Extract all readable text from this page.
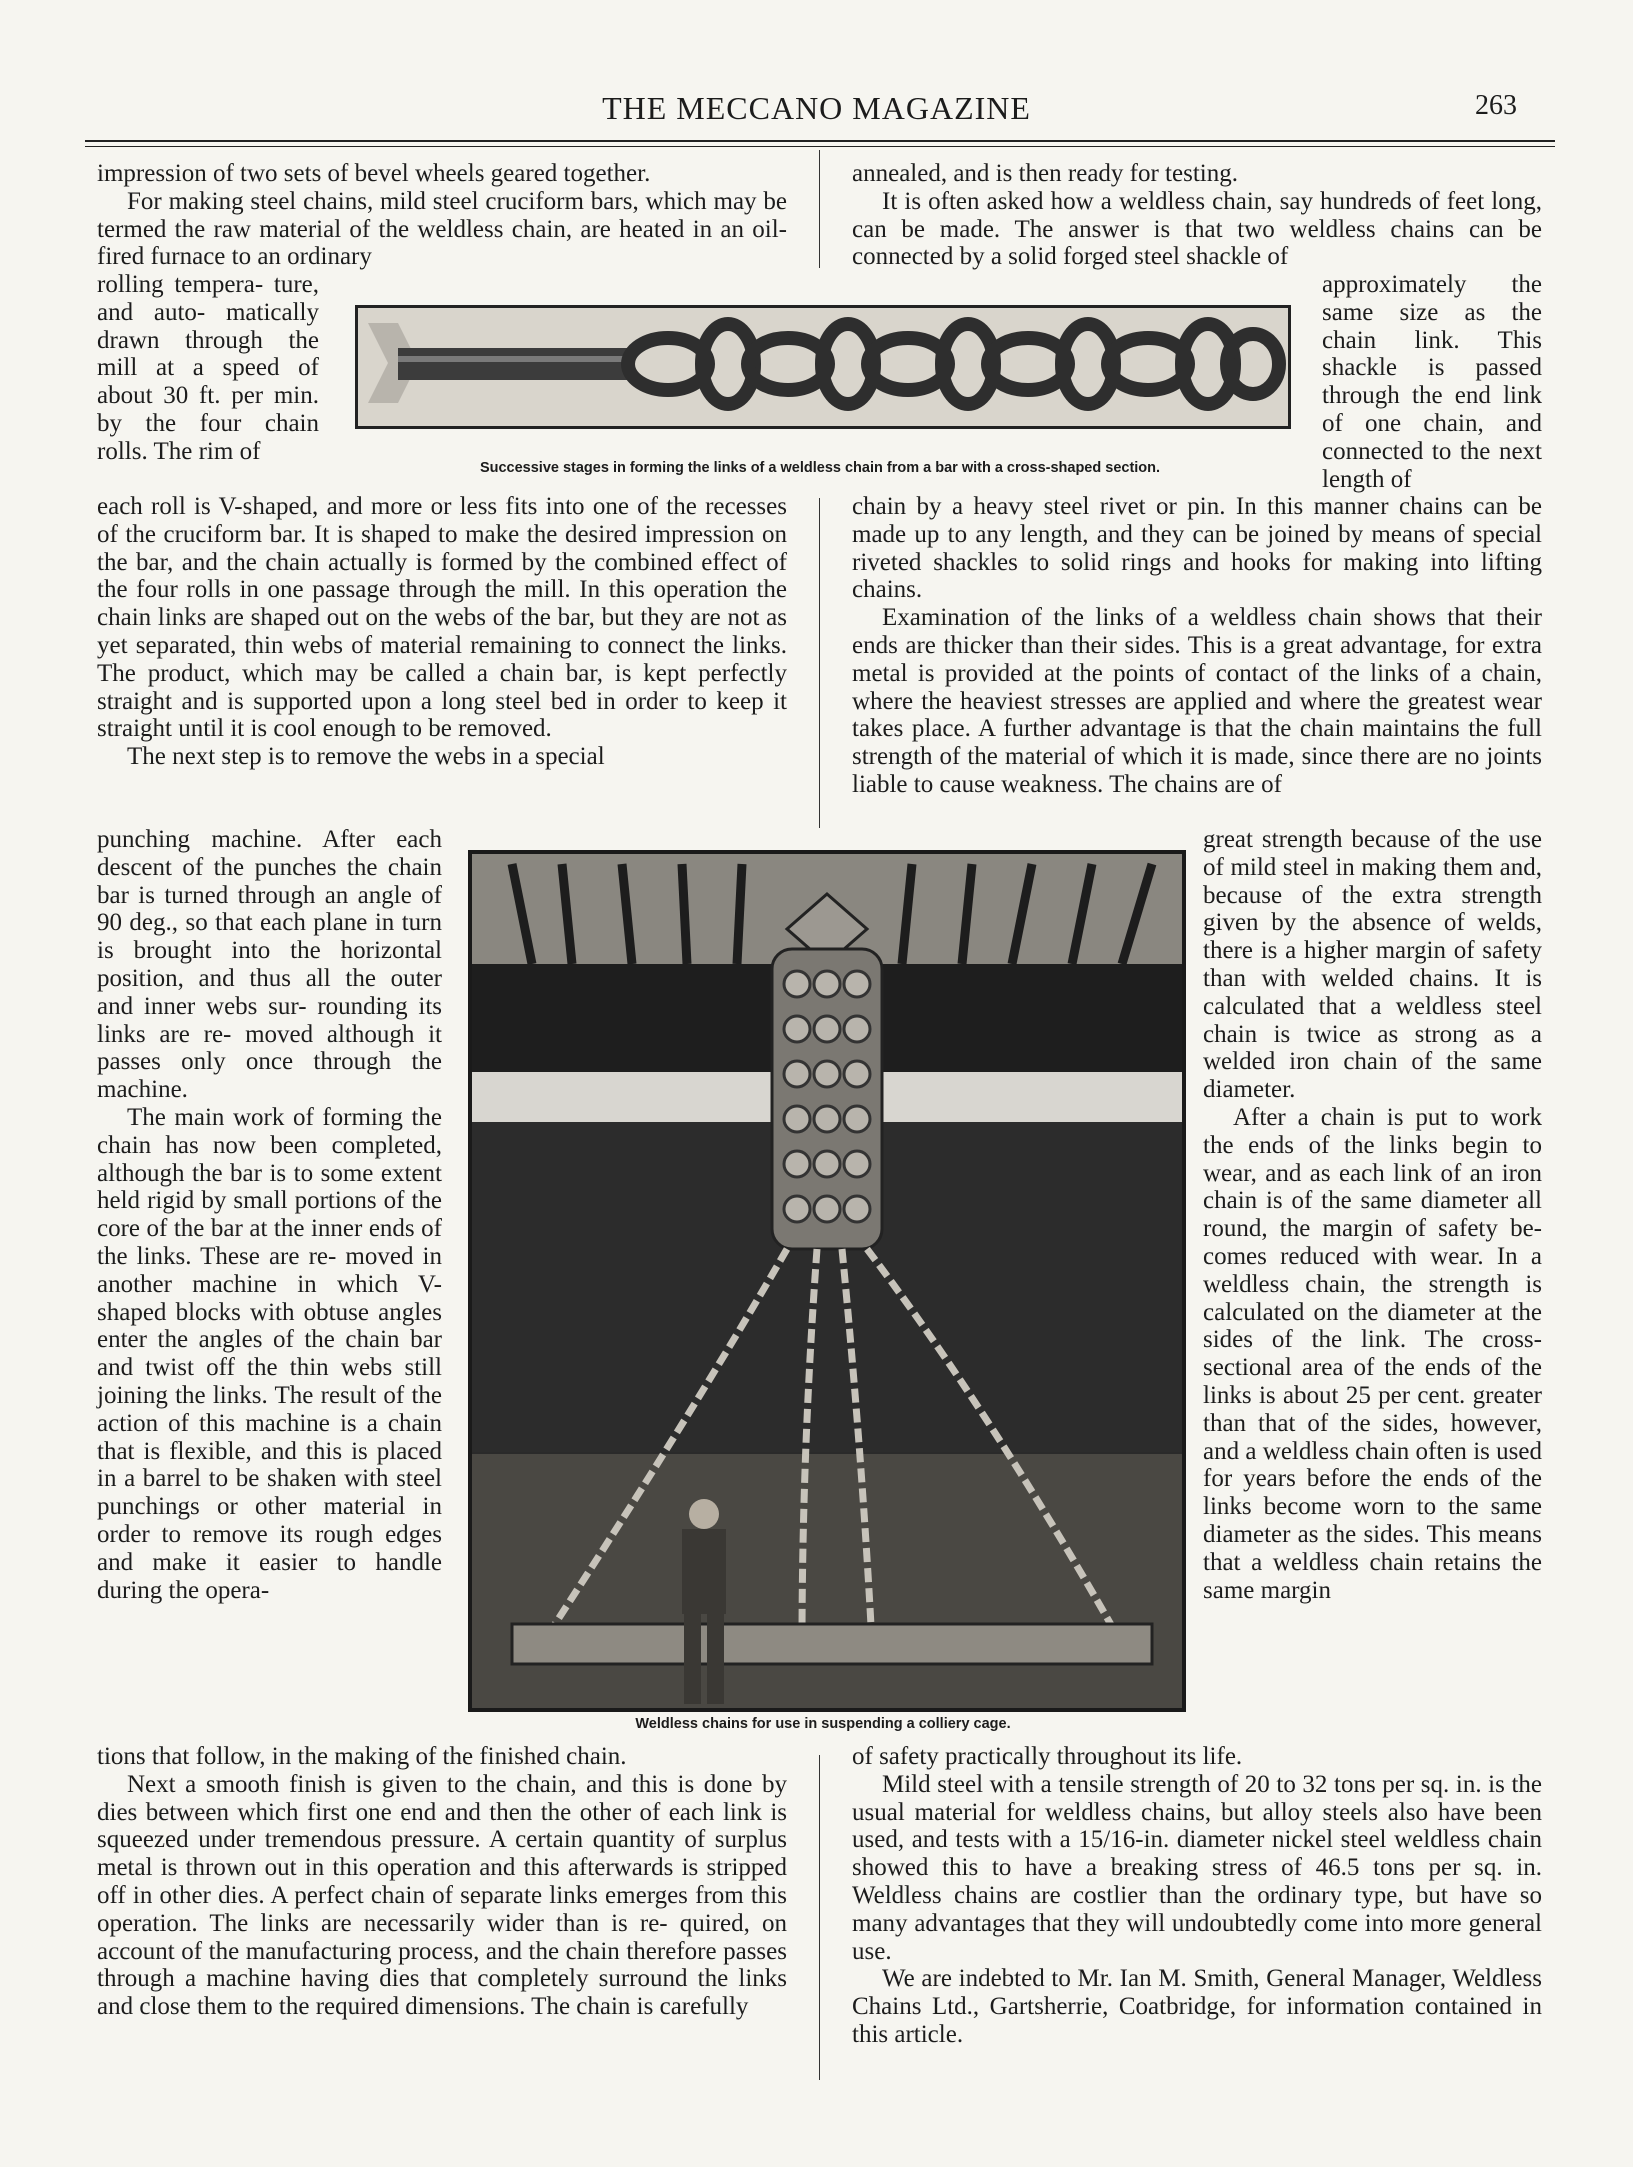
THE MECCANO MAGAZINE	263

impression of two sets of bevel wheels geared together.

For making steel chains, mild steel cruciform bars, which may be termed the raw material of the weldless chain, are heated in an oil-fired furnace to an ordinary

rolling tempera- ture, and auto- matically drawn through the mill at a speed of about 30 ft. per min. by the four chain rolls. The rim of

each roll is V-shaped, and more or less fits into one of the recesses of the cruciform bar. It is shaped to make the desired impression on the bar, and the chain actually is formed by the combined effect of the four rolls in one passage through the mill. In this operation the chain links are shaped out on the webs of the bar, but they are not as yet separated, thin webs of material remaining to connect the links. The product, which may be called a chain bar, is kept perfectly straight and is supported upon a long steel bed in order to keep it straight until it is cool enough to be removed.

The next step is to remove the webs in a special

punching machine. After each descent of the punches the chain bar is turned through an angle of 90 deg., so that each plane in turn is brought into the horizontal position, and thus all the outer and inner webs sur- rounding its links are re- moved although it passes only once through the machine.

The main work of forming the chain has now been completed, although the bar is to some extent held rigid by small portions of the core of the bar at the inner ends of the links. These are re- moved in another machine in which V-shaped blocks with obtuse angles enter the angles of the chain bar and twist off the thin webs still joining the links. The result of the action of this machine is a chain that is flexible, and this is placed in a barrel to be shaken with steel punchings or other material in order to remove its rough edges and make it easier to handle during the opera-

tions that follow, in the making of the finished chain.

Next a smooth finish is given to the chain, and this is done by dies between which first one end and then the other of each link is squeezed under tremendous pressure. A certain quantity of surplus metal is thrown out in this operation and this afterwards is stripped off in other dies. A perfect chain of separate links emerges from this operation. The links are necessarily wider than is re- quired, on account of the manufacturing process, and the chain therefore passes through a machine having dies that completely surround the links and close them to the required dimensions. The chain is carefully

annealed, and is then ready for testing.

It is often asked how a weldless chain, say hundreds of feet long, can be made. The answer is that two weldless chains can be connected by a solid forged steel shackle of

approximately the same size as the chain link. This shackle is passed through the end link of one chain, and connected to the next length of

chain by a heavy steel rivet or pin. In this manner chains can be made up to any length, and they can be joined by means of special riveted shackles to solid rings and hooks for making into lifting chains.

Examination of the links of a weldless chain shows that their ends are thicker than their sides. This is a great advantage, for extra metal is provided at the points of contact of the links of a chain, where the heaviest stresses are applied and where the greatest wear takes place. A further advantage is that the chain maintains the full strength of the material of which it is made, since there are no joints liable to cause weakness. The chains are of

great strength because of the use of mild steel in making them and, because of the extra strength given by the absence of welds, there is a higher margin of safety than with welded chains. It is calculated that a weldless steel chain is twice as strong as a welded iron chain of the same diameter.

After a chain is put to work the ends of the links begin to wear, and as each link of an iron chain is of the same diameter all round, the margin of safety be- comes reduced with wear. In a weldless chain, the strength is calculated on the diameter at the sides of the link. The cross-sectional area of the ends of the links is about 25 per cent. greater than that of the sides, however, and a weldless chain often is used for years before the ends of the links become worn to the same diameter as the sides. This means that a weldless chain retains the same margin

of safety practically throughout its life.

Mild steel with a tensile strength of 20 to 32 tons per sq. in. is the usual material for weldless chains, but alloy steels also have been used, and tests with a 15/16-in. diameter nickel steel weldless chain showed this to have a breaking stress of 46.5 tons per sq. in. Weldless chains are costlier than the ordinary type, but have so many advantages that they will undoubtedly come into more general use.

We are indebted to Mr. Ian M. Smith, General Manager, Weldless Chains Ltd., Gartsherrie, Coatbridge, for information contained in this article.

Successive stages in forming the links of a weldless chain from a bar with a cross-shaped section.
Weldless chains for use in suspending a colliery cage.
